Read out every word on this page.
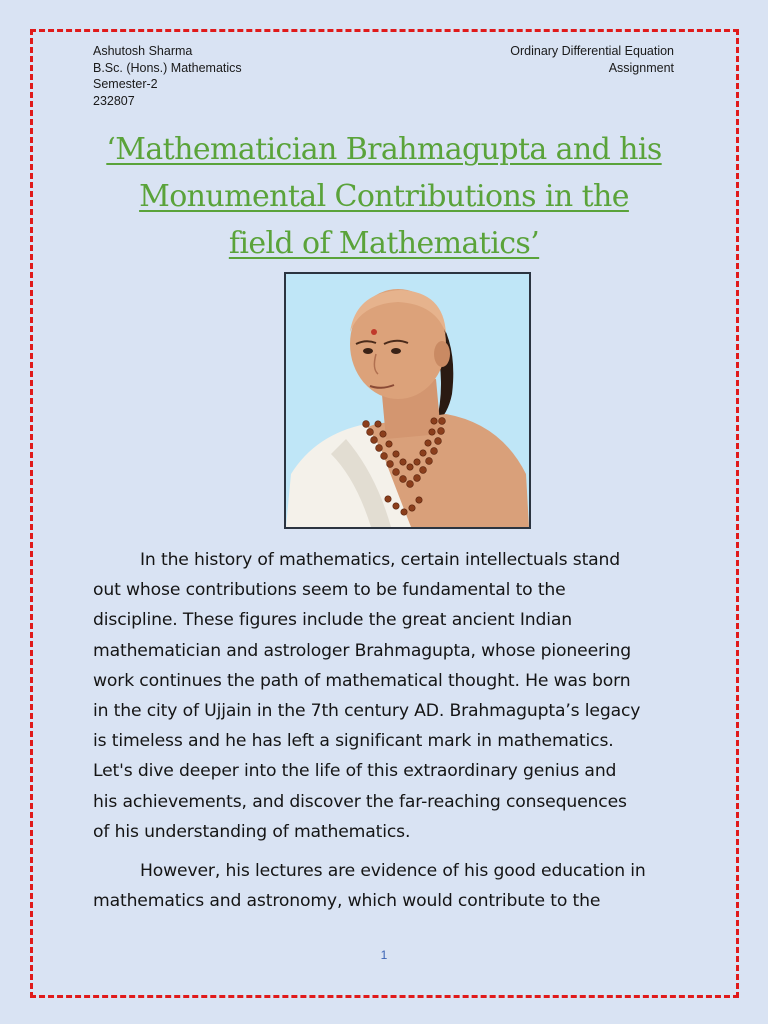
Ashutosh Sharma
B.Sc. (Hons.) Mathematics
Semester-2
232807
Ordinary Differential Equation
Assignment
‘Mathematician Brahmagupta and his
Monumental Contributions in the
field of Mathematics’
In the history of mathematics, certain intellectuals stand
out whose contributions seem to be fundamental to the
discipline. These figures include the great ancient Indian
mathematician and astrologer Brahmagupta, whose pioneering
work continues the path of mathematical thought. He was born
in the city of Ujjain in the 7th century AD. Brahmagupta’s legacy
is timeless and he has left a significant mark in mathematics.
Let's dive deeper into the life of this extraordinary genius and
his achievements, and discover the far-reaching consequences
of his understanding of mathematics.
However, his lectures are evidence of his good education in
mathematics and astronomy, which would contribute to the
1
